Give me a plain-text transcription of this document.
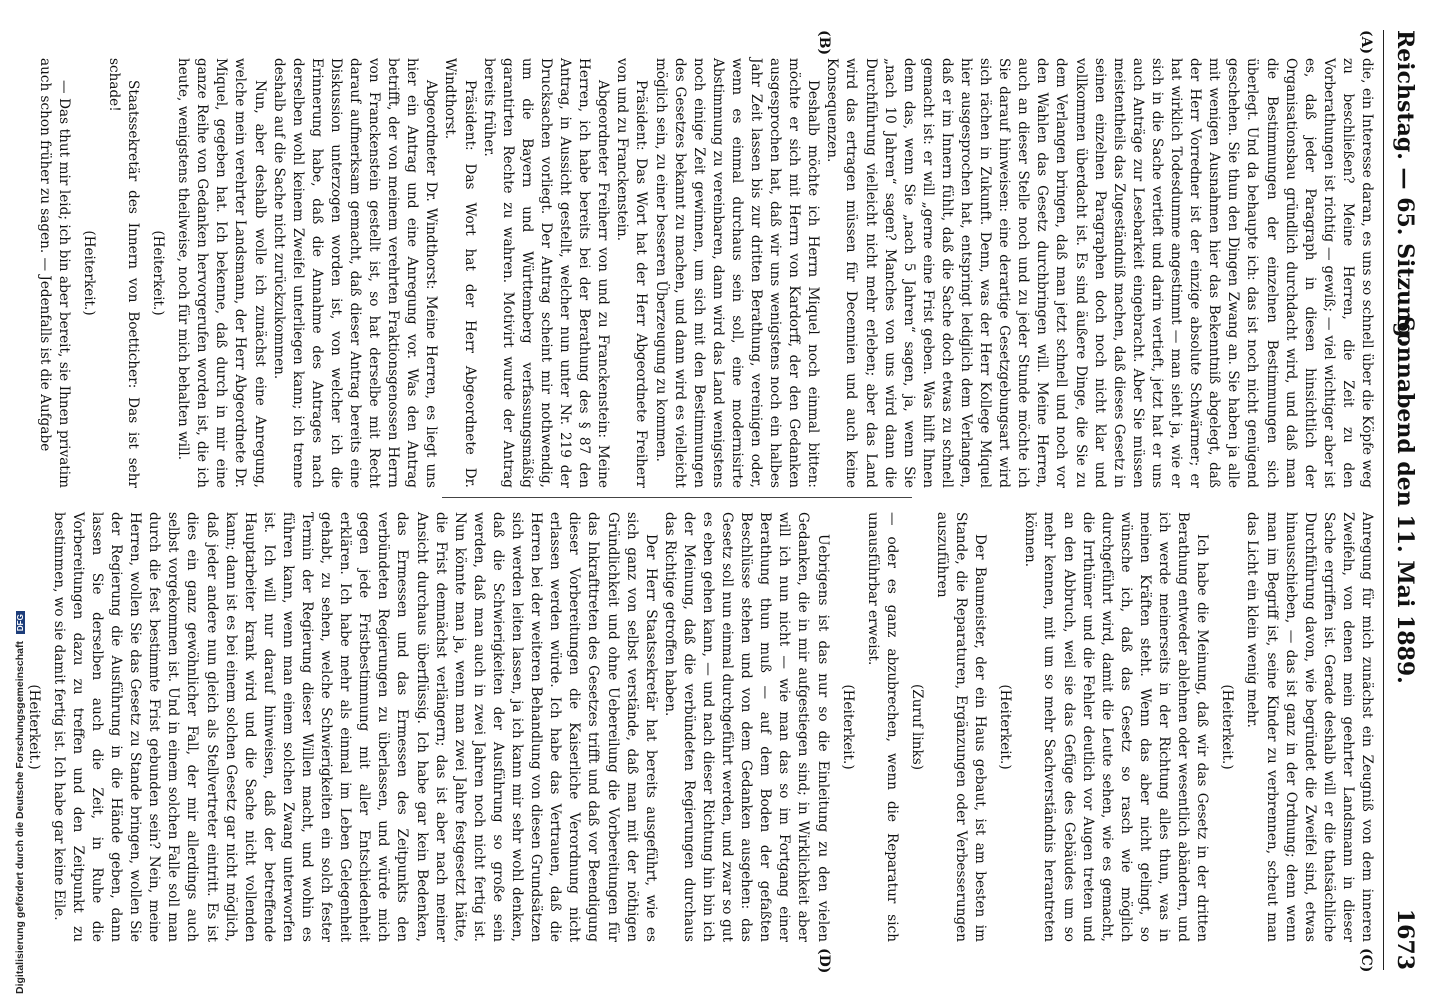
Reichstag. — 65. Sitzung.
Sonnabend den 11. Mai 1889.
1673
(A)
(B)
(C)
(D)

die, ein Interesse daran, es uns so schnell über die Köpfe weg zu beschließen? Meine Herren, die Zeit zu den Vorberathungen ist richtig — gewiß; — viel wichtiger aber ist es, daß jeder Paragraph in diesen hinsichtlich der Organisationsbau gründlich durchdacht wird, und daß man die Bestimmungen der einzelnen Bestimmungen sich überlegt. Und da behaupte ich: das ist noch nicht genügend geschehen. Sie thun den Dingen Zwang an. Sie haben ja alle mit wenigen Ausnahmen hier das Bekenntniß abgelegt, daß der Herr Vorredner ist der einzige absolute Schwärmer; er hat wirklich Todesdumme angestimmt — man sieht ja, wie er sich in die Sache vertieft und darin vertieft, jetzt hat er uns auch Anträge zur Lesebarkeit eingebracht. Aber Sie müssen meistentheils das Zugeständniß machen, daß dieses Gesetz in seinen einzelnen Paragraphen doch noch nicht klar und vollkommen überdacht ist. Es sind äußere Dinge, die Sie zu dem Verlangen bringen, daß man jetzt schnell und noch vor den Wahlen das Gesetz durchbringen will. Meine Herren, auch an dieser Stelle noch und zu jeder Stunde möchte ich Sie darauf hinweisen: eine derartige Gesetzgebungsart wird sich rächen in Zukunft. Denn, was der Herr Kollege Miquel hier ausgesprochen hat, entspringt lediglich dem Verlangen, daß er im Innern fühlt, daß die Sache doch etwas zu schnell gemacht ist: er will „gerne eine Frist geben. Was hilft Ihnen denn das, wenn Sie „nach 5 Jahren“ sagen, ja, wenn Sie „nach 10 Jahren“ sagen? Manches von uns wird dann die Durchführung vielleicht nicht mehr erleben; aber das Land wird das ertragen müssen für Decennien und auch keine Konsequenzen.

Deshalb möchte ich Herrn Miquel noch einmal bitten: möchte er sich mit Herrn von Kardorff, der den Gedanken ausgesprochen hat, daß wir uns wenigstens noch ein halbes Jahr Zeit lassen bis zur dritten Berathung, vereinigen oder, wenn es einmal durchaus sein soll, eine modernisirte Abstimmung zu vereinbaren, dann wird das Land wenigstens noch einige Zeit gewinnen, um sich mit den Bestimmungen des Gesetzes bekannt zu machen, und dann wird es vielleicht möglich sein, zu einer besseren Überzeugung zu kommen.

Präsident: Das Wort hat der Herr Abgeordnete Freiherr von und zu Franckenstein.

Abgeordneter Freiherr von und zu Franckenstein: Meine Herren, ich habe bereits bei der Berathung des § 87 den Antrag, in Aussicht gestellt, welcher nun unter Nr. 219 der Drucksachen vorliegt. Der Antrag scheint mir nothwendig, um die Bayern und Württemberg verfassungsmäßig garantirten Rechte zu wahren. Motivirt wurde der Antrag bereits früher.

Präsident: Das Wort hat der Herr Abgeordnete Dr. Windthorst.

Abgeordneter Dr. Windthorst: Meine Herren, es liegt uns hier ein Antrag und eine Anregung vor. Was den Antrag betrifft, der von meinem verehrten Fraktionsgenossen Herrn von Franckenstein gestellt ist, so hat derselbe mit Recht darauf aufmerksam gemacht, daß dieser Antrag bereits eine Diskussion unterzogen worden ist, von welcher ich die Erinnerung habe, daß die Annahme des Antrages nach derselben wohl keinem Zweifel unterliegen kann; ich trenne deshalb auf die Sache nicht zurückzukommen.

Nun, aber deshalb wolle ich zunächst eine Anregung, welche mein verehrter Landsmann, der Herr Abgeordnete Dr. Miquel, gegeben hat. Ich bekenne, daß durch in mir eine ganze Reihe von Gedanken hervorgerufen worden ist, die ich heute, wenigstens theilweise, noch für mich behalten will.

(Heiterkeit.)

Staatssekretär des Innern von Boetticher: Das ist sehr schade!

(Heiterkeit.)

— Das thut mir leid; ich bin aber bereit, sie Ihnen privatim auch schon früher zu sagen. — Jedenfalls ist die Aufgabe

Anregung für mich zunächst ein Zeugniß von dem inneren Zweifeln, von denen mein geehrter Landsmann in dieser Sache ergriffen ist. Gerade deshalb will er die thatsächliche Durchführung davon, wie begründet die Zweifel sind, etwas hinausschieben, — das ist ganz in der Ordnung; denn wenn man im Begriff ist, seine Kinder zu verbrennen, scheut man das Licht ein klein wenig mehr.

(Heiterkeit.)

Ich habe die Meinung, daß wir das Gesetz in der dritten Berathung entweder ablehnen oder wesentlich abändern, und ich werde meinerseits in der Richtung alles thun, was in meinen Kräften steht. Wenn das aber nicht gelingt, so wünsche ich, daß das Gesetz so rasch wie möglich durchgeführt wird, damit die Leute sehen, wie es gemacht, die Irrthümer und die Fehler deutlich vor Augen treten und an den Abbruch, weil sie das Gefüge des Gebäudes um so mehr kennen, mit um so mehr Sachverständnis herantreten können.

(Heiterkeit.)

Der Baumeister, der ein Haus gebaut, ist am besten im Stande, die Reparaturen, Ergänzungen oder Verbesserungen auszuführen

(Zuruf links)

— oder es ganz abzubrechen, wenn die Reparatur sich unausführbar erweist.

(Heiterkeit.)

Uebrigens ist das nur so die Einleitung zu den vielen Gedanken, die in mir aufgestiegen sind; in Wirklichkeit aber will ich nun nicht — wie man das so im Fortgang einer Berathung thun muß — auf dem Boden der gefaßten Beschlüsse stehen und von dem Gedanken ausgehen: das Gesetz soll nun einmal durchgeführt werden, und zwar so gut es eben gehen kann, — und nach dieser Richtung hin bin ich der Meinung, daß die verbündeten Regierungen durchaus das Richtige getroffen haben.

Der Herr Staatssekretär hat bereits ausgeführt, wie es sich ganz von selbst verstände, daß man mit der nöthigen Gründlichkeit und ohne Uebereilung die Vorbereitungen für das Inkrafttreten des Gesetzes trifft und daß vor Beendigung dieser Vorbereitungen die Kaiserliche Verordnung nicht erlassen werden würde. Ich habe das Vertrauen, daß die Herren bei der weiteren Behandlung von diesen Grundsätzen sich werden leiten lassen, ja ich kann mir sehr wohl denken, daß die Schwierigkeiten der Ausführung so große sein werden, daß man auch in zwei Jahren noch nicht fertig ist. Nun könnte man ja, wenn man zwei Jahre festgesetzt hätte, die Frist demnächst verlängern; das ist aber nach meiner Ansicht durchaus überflüssig. Ich habe gar kein Bedenken, das Ermessen und das Ermessen des Zeitpunkts den verbündeten Regierungen zu überlassen, und würde mich gegen jede Fristbestimmung mit aller Entschiedenheit erklären. Ich habe mehr als einmal im Leben Gelegenheit gehabt, zu sehen, welche Schwierigkeiten ein solch fester Termin der Regierung dieser Willen macht, und wohin es führen kann, wenn man einem solchen Zwang unterworfen ist. Ich will nur darauf hinweisen, daß der betreffende Hauptarbeiter krank wird und die Sache nicht vollenden kann; dann ist es bei einem solchen Gesetz gar nicht möglich, daß jeder andere nun gleich als Stellvertreter eintritt. Es ist dies ein ganz gewöhnlicher Fall, der mir allerdings auch selbst vorgekommen ist. Und in einem solchen Falle soll man durch die fest bestimmte Frist gebunden sein? Nein, meine Herren, wollen Sie das Gesetz zu Stande bringen, wollen Sie der Regierung die Ausführung in die Hände geben, dann lassen Sie derselben auch die Zeit, in Ruhe die Vorbereitungen dazu zu treffen und den Zeitpunkt zu bestimmen, wo sie damit fertig ist. Ich habe gar keine Eile.

(Heiterkeit.)

Digitalisierung gefördert durch die Deutsche Forschungsgemeinschaft DFG
